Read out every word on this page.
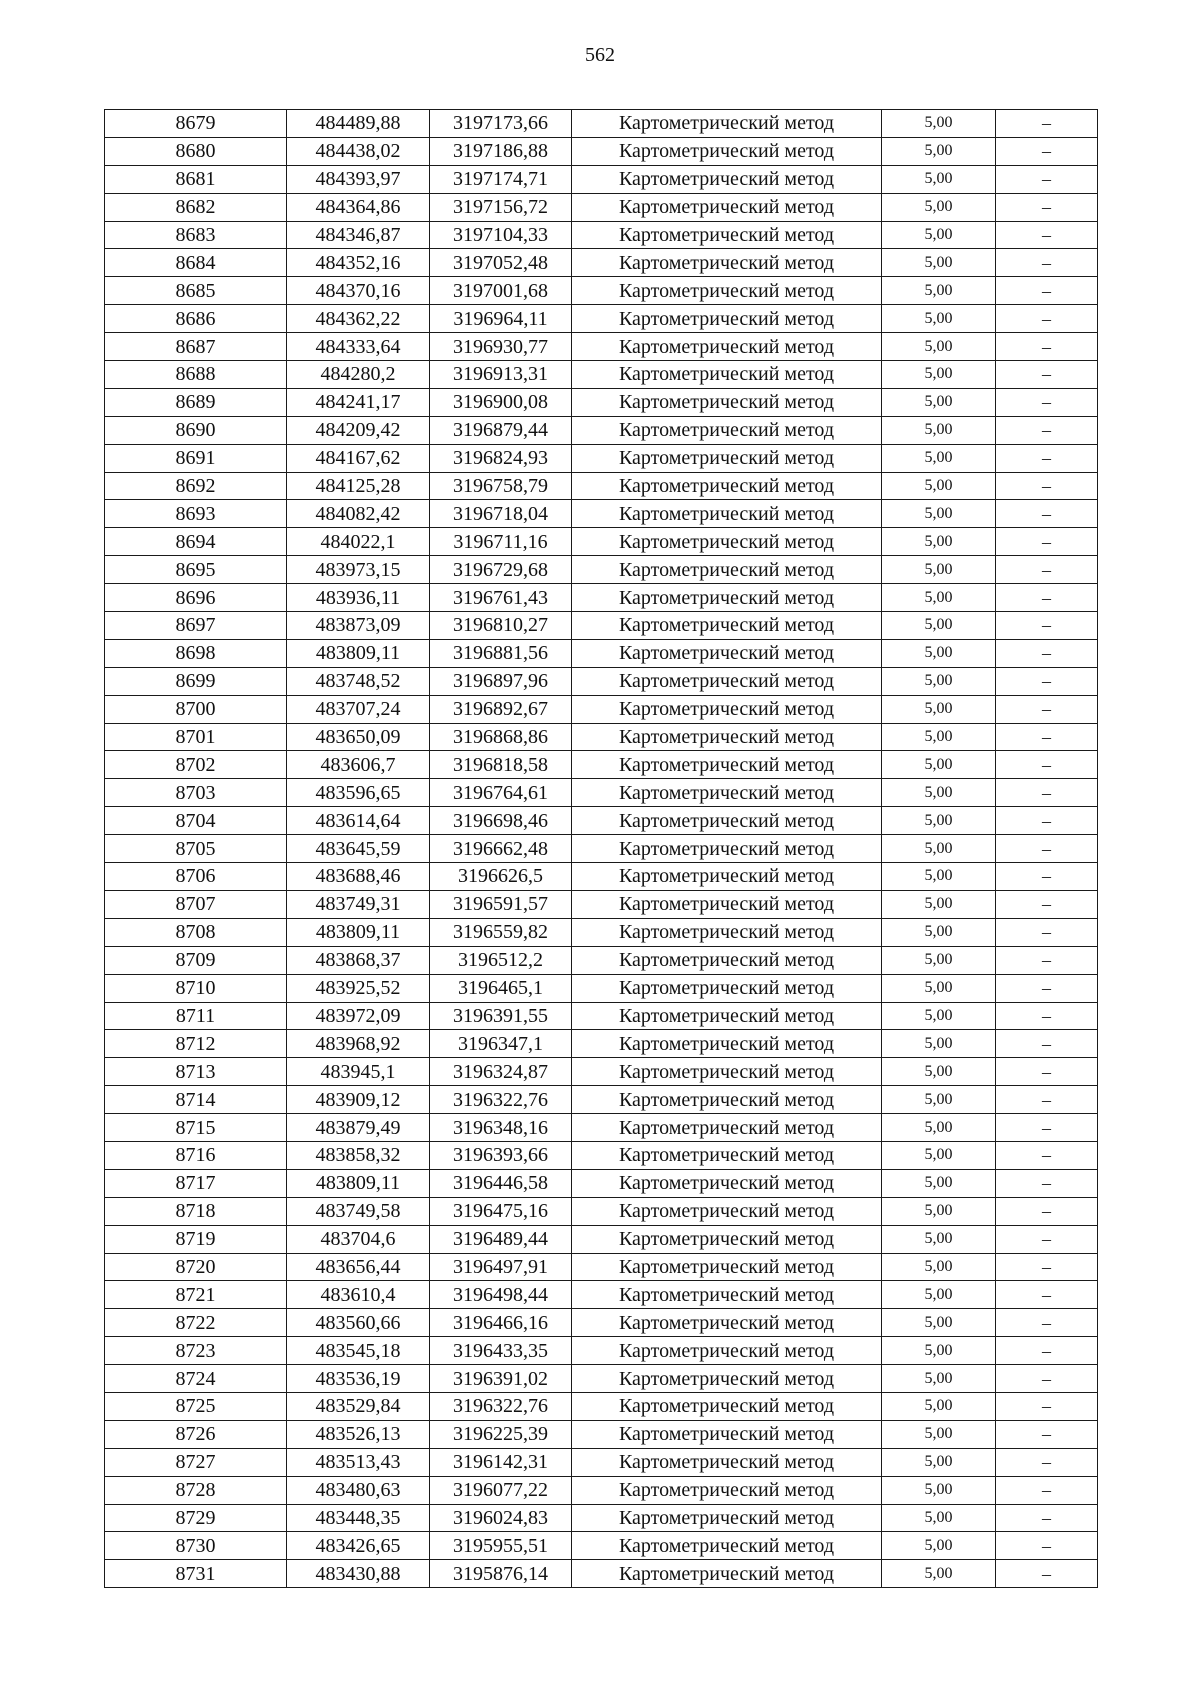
562
8679	484489,88	3197173,66	Картометрический метод	5,00	–
8680	484438,02	3197186,88	Картометрический метод	5,00	–
8681	484393,97	3197174,71	Картометрический метод	5,00	–
8682	484364,86	3197156,72	Картометрический метод	5,00	–
8683	484346,87	3197104,33	Картометрический метод	5,00	–
8684	484352,16	3197052,48	Картометрический метод	5,00	–
8685	484370,16	3197001,68	Картометрический метод	5,00	–
8686	484362,22	3196964,11	Картометрический метод	5,00	–
8687	484333,64	3196930,77	Картометрический метод	5,00	–
8688	484280,2	3196913,31	Картометрический метод	5,00	–
8689	484241,17	3196900,08	Картометрический метод	5,00	–
8690	484209,42	3196879,44	Картометрический метод	5,00	–
8691	484167,62	3196824,93	Картометрический метод	5,00	–
8692	484125,28	3196758,79	Картометрический метод	5,00	–
8693	484082,42	3196718,04	Картометрический метод	5,00	–
8694	484022,1	3196711,16	Картометрический метод	5,00	–
8695	483973,15	3196729,68	Картометрический метод	5,00	–
8696	483936,11	3196761,43	Картометрический метод	5,00	–
8697	483873,09	3196810,27	Картометрический метод	5,00	–
8698	483809,11	3196881,56	Картометрический метод	5,00	–
8699	483748,52	3196897,96	Картометрический метод	5,00	–
8700	483707,24	3196892,67	Картометрический метод	5,00	–
8701	483650,09	3196868,86	Картометрический метод	5,00	–
8702	483606,7	3196818,58	Картометрический метод	5,00	–
8703	483596,65	3196764,61	Картометрический метод	5,00	–
8704	483614,64	3196698,46	Картометрический метод	5,00	–
8705	483645,59	3196662,48	Картометрический метод	5,00	–
8706	483688,46	3196626,5	Картометрический метод	5,00	–
8707	483749,31	3196591,57	Картометрический метод	5,00	–
8708	483809,11	3196559,82	Картометрический метод	5,00	–
8709	483868,37	3196512,2	Картометрический метод	5,00	–
8710	483925,52	3196465,1	Картометрический метод	5,00	–
8711	483972,09	3196391,55	Картометрический метод	5,00	–
8712	483968,92	3196347,1	Картометрический метод	5,00	–
8713	483945,1	3196324,87	Картометрический метод	5,00	–
8714	483909,12	3196322,76	Картометрический метод	5,00	–
8715	483879,49	3196348,16	Картометрический метод	5,00	–
8716	483858,32	3196393,66	Картометрический метод	5,00	–
8717	483809,11	3196446,58	Картометрический метод	5,00	–
8718	483749,58	3196475,16	Картометрический метод	5,00	–
8719	483704,6	3196489,44	Картометрический метод	5,00	–
8720	483656,44	3196497,91	Картометрический метод	5,00	–
8721	483610,4	3196498,44	Картометрический метод	5,00	–
8722	483560,66	3196466,16	Картометрический метод	5,00	–
8723	483545,18	3196433,35	Картометрический метод	5,00	–
8724	483536,19	3196391,02	Картометрический метод	5,00	–
8725	483529,84	3196322,76	Картометрический метод	5,00	–
8726	483526,13	3196225,39	Картометрический метод	5,00	–
8727	483513,43	3196142,31	Картометрический метод	5,00	–
8728	483480,63	3196077,22	Картометрический метод	5,00	–
8729	483448,35	3196024,83	Картометрический метод	5,00	–
8730	483426,65	3195955,51	Картометрический метод	5,00	–
8731	483430,88	3195876,14	Картометрический метод	5,00	–
